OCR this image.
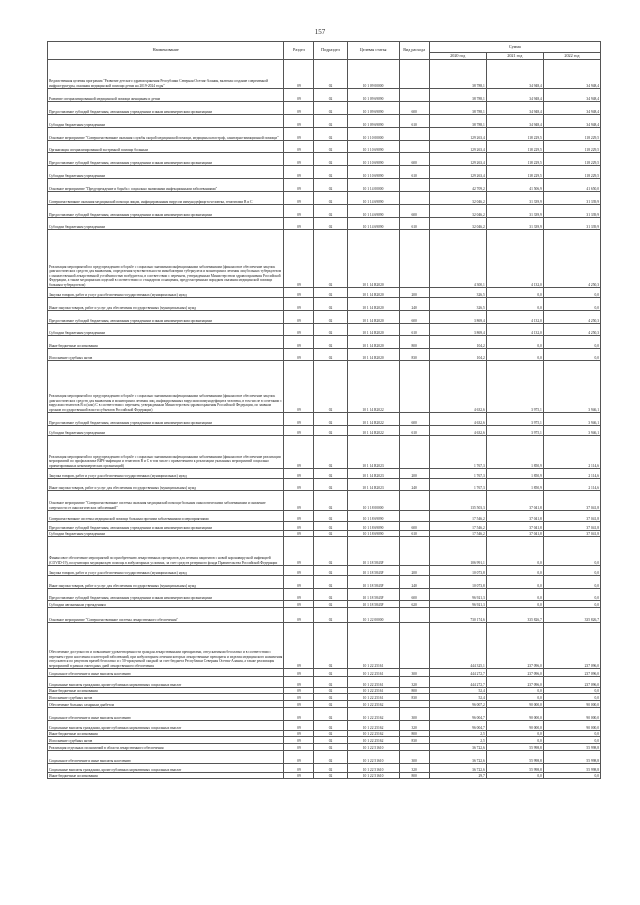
157
Наименование	Раздел	Подраздел	Целевая статья	Вид расхода	Сумма		
					2020 год	2021 год	2022 год
Ведомственная целевая программа "Развитие детского здравоохранения Республики Северная Осетия-Алания, включая создание современной инфраструктуры, оказания медицинской помощи детям на 2019-2024 годы"	09	02	10 1 09 00000		38 788,1	34 948,4	34 948,4
Развитие специализированной медицинской помощи женщинам и детям	09	02	10 1 09 69090		38 788,1	34 948,4	34 948,4
Предоставление субсидий бюджетным, автономным учреждениям и иным некоммерческим организациям	09	02	10 1 09 69090	600	38 788,1	34 948,4	34 948,4
Субсидии бюджетным учреждениям	09	02	10 1 09 69090	610	38 788,1	34 948,4	34 948,4
Основное мероприятие "Совершенствование оказания службы скорой медицинской помощи, медицины катастроф, санитарно-авиационной помощи"	09	02	10 1 10 00000		129 263,4	118 229,5	118 229,5
Организация специализированной экстренной помощи больным	09	02	10 1 10 69090		129 263,4	118 229,5	118 229,5
Предоставление субсидий бюджетным, автономным учреждениям и иным некоммерческим организациям	09	02	10 1 10 69090	600	129 263,4	118 229,5	118 229,5
Субсидии бюджетным учреждениям	09	02	10 1 10 69090	610	129 263,4	118 229,5	118 229,5
Основное мероприятие "Предупреждение и борьба с социально значимыми инфекционными заболеваниями"	09	02	10 1 14 00000		42 709,2	41 506,9	41 650,0
Совершенствование оказания медицинской помощи лицам, инфицированным вирусом иммунодефицита человека, гепатитами В и С	09	02	10 1 14 69090		32 046,2	31 339,9	31 339,9
Предоставление субсидий бюджетным, автономным учреждениям и иным некоммерческим организациям	09	02	10 1 14 69090	600	32 046,2	31 339,9	31 339,9
Субсидии бюджетным учреждениям	09	02	10 1 14 69090	610	32 046,2	31 339,9	31 339,9
Реализация мероприятий по предупреждению и борьбе с социально значимыми инфекционными заболеваниями (финансовое обеспечение закупок диагностических средств для выявления, определения чувствительности микобактерии туберкулеза и мониторинга лечения лиц больных туберкулезом с множественной лекарственной устойчивостью возбудителя, в соответствии с перечнем, утвержденным Министерством здравоохранения Российской Федерации, а также медицинских изделий в соответствии со стандартом оснащения, предусмотренным порядком оказания медицинской помощи больным туберкулезом)	09	02	10 1 14 R2020		4 300,1	4 132,0	4 250,3
Закупка товаров, работ и услуг для обеспечения государственных (муниципальных) нужд	09	02	10 1 14 R2020	200	326,5	0,0	0,0
Иные закупки товаров, работ и услуг для обеспечения государственных (муниципальных) нужд	09	02	10 1 14 R2020	240	326,5	0,0	0,0
Предоставление субсидий бюджетным, автономным учреждениям и иным некоммерческим организациям	09	02	10 1 14 R2020	600	3 869,4	4 132,0	4 250,3
Субсидии бюджетным учреждениям	09	02	10 1 14 R2020	610	3 869,4	4 132,0	4 250,3
Иные бюджетные ассигнования	09	02	10 1 14 R2020	800	104,2	0,0	0,0
Исполнение судебных актов	09	02	10 1 14 R2020	830	104,2	0,0	0,0
Реализация мероприятий по предупреждению и борьбе с социально значимыми инфекционными заболеваниями (финансовое обеспечение закупок диагностических средств для выявления и мониторинга лечения лиц, инфицированных вирусами иммунодефицита человека, в том числе в сочетании с вирусами гепатитов В и (или) С в соответствии с перечнем, утвержденным Министерством здравоохранения Российской Федерации, по заявкам органов государственной власти субъектов Российской Федерации)	09	02	10 1 14 R2022		4 632,6	3 975,1	3 946,1
Предоставление субсидий бюджетным, автономным учреждениям и иным некоммерческим организациям	09	02	10 1 14 R2022	600	4 632,6	3 975,1	3 946,1
Субсидии бюджетным учреждениям	09	02	10 1 14 R2022	610	4 632,6	3 975,1	3 946,1
Реализация мероприятий по предупреждению и борьбе с социально значимыми инфекционными заболеваниями (финансовое обеспечение реализации мероприятий по профилактике ВИЧ-инфекции и гепатитов В и С в том числе с привлечением к реализации указанных мероприятий социально ориентированных некоммерческих организаций)	09	02	10 1 14 R2023		1 767,3	1 850,9	2 114,6
Закупка товаров, работ и услуг для обеспечения государственных (муниципальных) нужд	09	02	10 1 14 R2023	200	1 767,3	1 850,9	2 114,6
Иные закупки товаров, работ и услуг для обеспечения государственных (муниципальных) нужд	09	02	10 1 14 R2023	240	1 767,3	1 850,9	2 114,6
Основное мероприятие "Совершенствование системы оказания медицинской помощи больным онкологическими заболеваниями и снижение смертности от онкологических заболеваний"	09	02	10 1 18 00000		135 503,3	37 041,8	37 041,8
Совершенствование системы медицинской помощи больным прочими заболеваниями и мероприятиями	09	02	10 1 18 69090		17 546,2	37 041,8	37 041,8
Предоставление субсидий бюджетным, автономным учреждениям и иным некоммерческим организациям	09	02	10 1 18 69090	600	17 546,2	37 041,8	37 041,8
Субсидии бюджетным учреждениям	09	02	10 1 18 69090	610	17 546,2	37 041,8	37 041,8
Финансовое обеспечение мероприятий по приобретению лекарственных препаратов для лечения пациентов с новой коронавирусной инфекцией (COVID-19), получающих медицинскую помощь в амбулаторных условиях, за счет средств резервного фонда Правительства Российской Федерации	09	02	10 1 18 5843F		106 991,1	0,0	0,0
Закупка товаров, работ и услуг для обеспечения государственных (муниципальных) нужд	09	02	10 1 18 5843F	200	10 073,8	0,0	0,0
Иные закупки товаров, работ и услуг для обеспечения государственных (муниципальных) нужд	09	02	10 1 18 5843F	240	10 073,8	0,0	0,0
Предоставление субсидий бюджетным, автономным учреждениям и иным некоммерческим организациям	09	02	10 1 18 5843F	600	96 921,3	0,0	0,0
Субсидии автономным учреждениям	09	02	10 1 18 5843F	620	96 921,3	0,0	0,0
Основное мероприятие "Совершенствование системы лекарственного обеспечения"	09	02	10 1 22 00000		730 174,6	335 826,7	335 826,7
Обеспечение доступности и повышение удовлетворенности граждан лекарственными препаратами, отпускаемыми бесплатно и в соответствии с перечнем групп населения и категорий заболеваний, при амбулаторном лечении которых лекарственные препараты и изделия медицинского назначения отпускаются по рецептам врачей бесплатно и с 50-процентной скидкой за счет бюджета Республики Северная Осетия-Алания, а также реализация мероприятий в рамках ежегодных дней лекарственного обеспечения	09	02	10 1 22 25161		444 325,1	237 096,0	237 096,0
Социальное обеспечение и иные выплаты населению	09	02	10 1 22 25161	300	444 272,7	237 096,0	237 096,0
Социальные выплаты гражданам, кроме публичных нормативных социальных выплат	09	02	10 1 22 25161	320	444 272,7	237 096,0	237 096,0
Иные бюджетные ассигнования	09	02	10 1 22 25161	800	52,4	0,0	0,0
Исполнение судебных актов	09	02	10 1 22 25161	830	52,4	0,0	0,0
Обеспечение больных сахарным диабетом	09	02	10 1 22 25162		96 007,2	90 000,0	90 000,0
Социальное обеспечение и иные выплаты населению	09	02	10 1 22 25162	300	96 004,7	90 000,0	90 000,0
Социальные выплаты гражданам, кроме публичных нормативных социальных выплат	09	02	10 1 22 25162	320	96 004,7	90 000,0	90 000,0
Иные бюджетные ассигнования	09	02	10 1 22 25162	800	2,5	0,0	0,0
Исполнение судебных актов	09	02	10 1 22 25162	830	2,5	0,0	0,0
Реализация отдельных полномочий в области лекарственного обеспечения	09	02	10 1 22 51610		36 722,6	55 998,8	55 998,8
Социальное обеспечение и иные выплаты населению	09	02	10 1 22 51610	300	36 722,6	55 998,8	55 998,8
Социальные выплаты гражданам, кроме публичных нормативных социальных выплат	09	02	10 1 22 51610	320	36 722,6	55 998,8	55 998,8
Иные бюджетные ассигнования	09	02	10 1 22 51610	800	29,7	0,0	0,0
